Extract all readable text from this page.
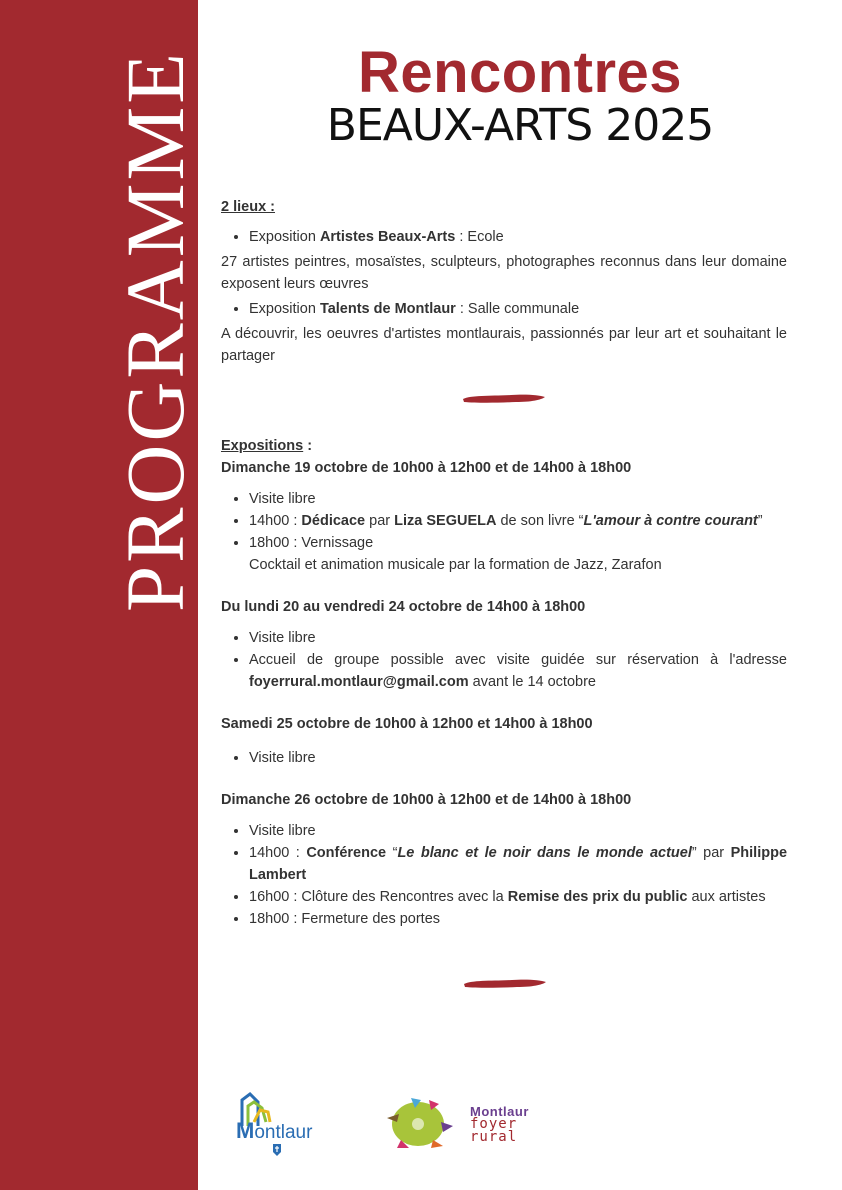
PROGRAMME	Rencontres
BEAUX-ARTS 2025

2 lieux :

• Exposition Artistes Beaux-Arts : Ecole

27 artistes peintres, mosaïstes, sculpteurs, photographes reconnus dans leur domaine exposent leurs œuvres

• Exposition Talents de Montlaur : Salle communale

A découvrir, les oeuvres d'artistes montlaurais, passionnés par leur art et souhaitant le partager

Expositions :

Dimanche 19 octobre de 10h00 à 12h00 et de 14h00 à 18h00

• Visite libre
• 14h00 : Dédicace par Liza SEGUELA de son livre “L'amour à contre courant”
• 18h00 : Vernissage
Cocktail et animation musicale par la formation de Jazz, Zarafon

Du lundi 20 au vendredi 24 octobre de 14h00 à 18h00

• Visite libre
• Accueil de groupe possible avec visite guidée sur réservation à l'adresse foyerrural.montlaur@gmail.com avant le 14 octobre

Samedi 25 octobre de 10h00 à 12h00 et 14h00 à 18h00

• Visite libre

Dimanche 26 octobre de 10h00 à 12h00 et de 14h00 à 18h00

• Visite libre
• 14h00 : Conférence “Le blanc et le noir dans le monde actuel” par Philippe Lambert
• 16h00 : Clôture des Rencontres avec la Remise des prix du public aux artistes
• 18h00 : Fermeture des portes
Montlaur
Montlaur
foyer
rural
